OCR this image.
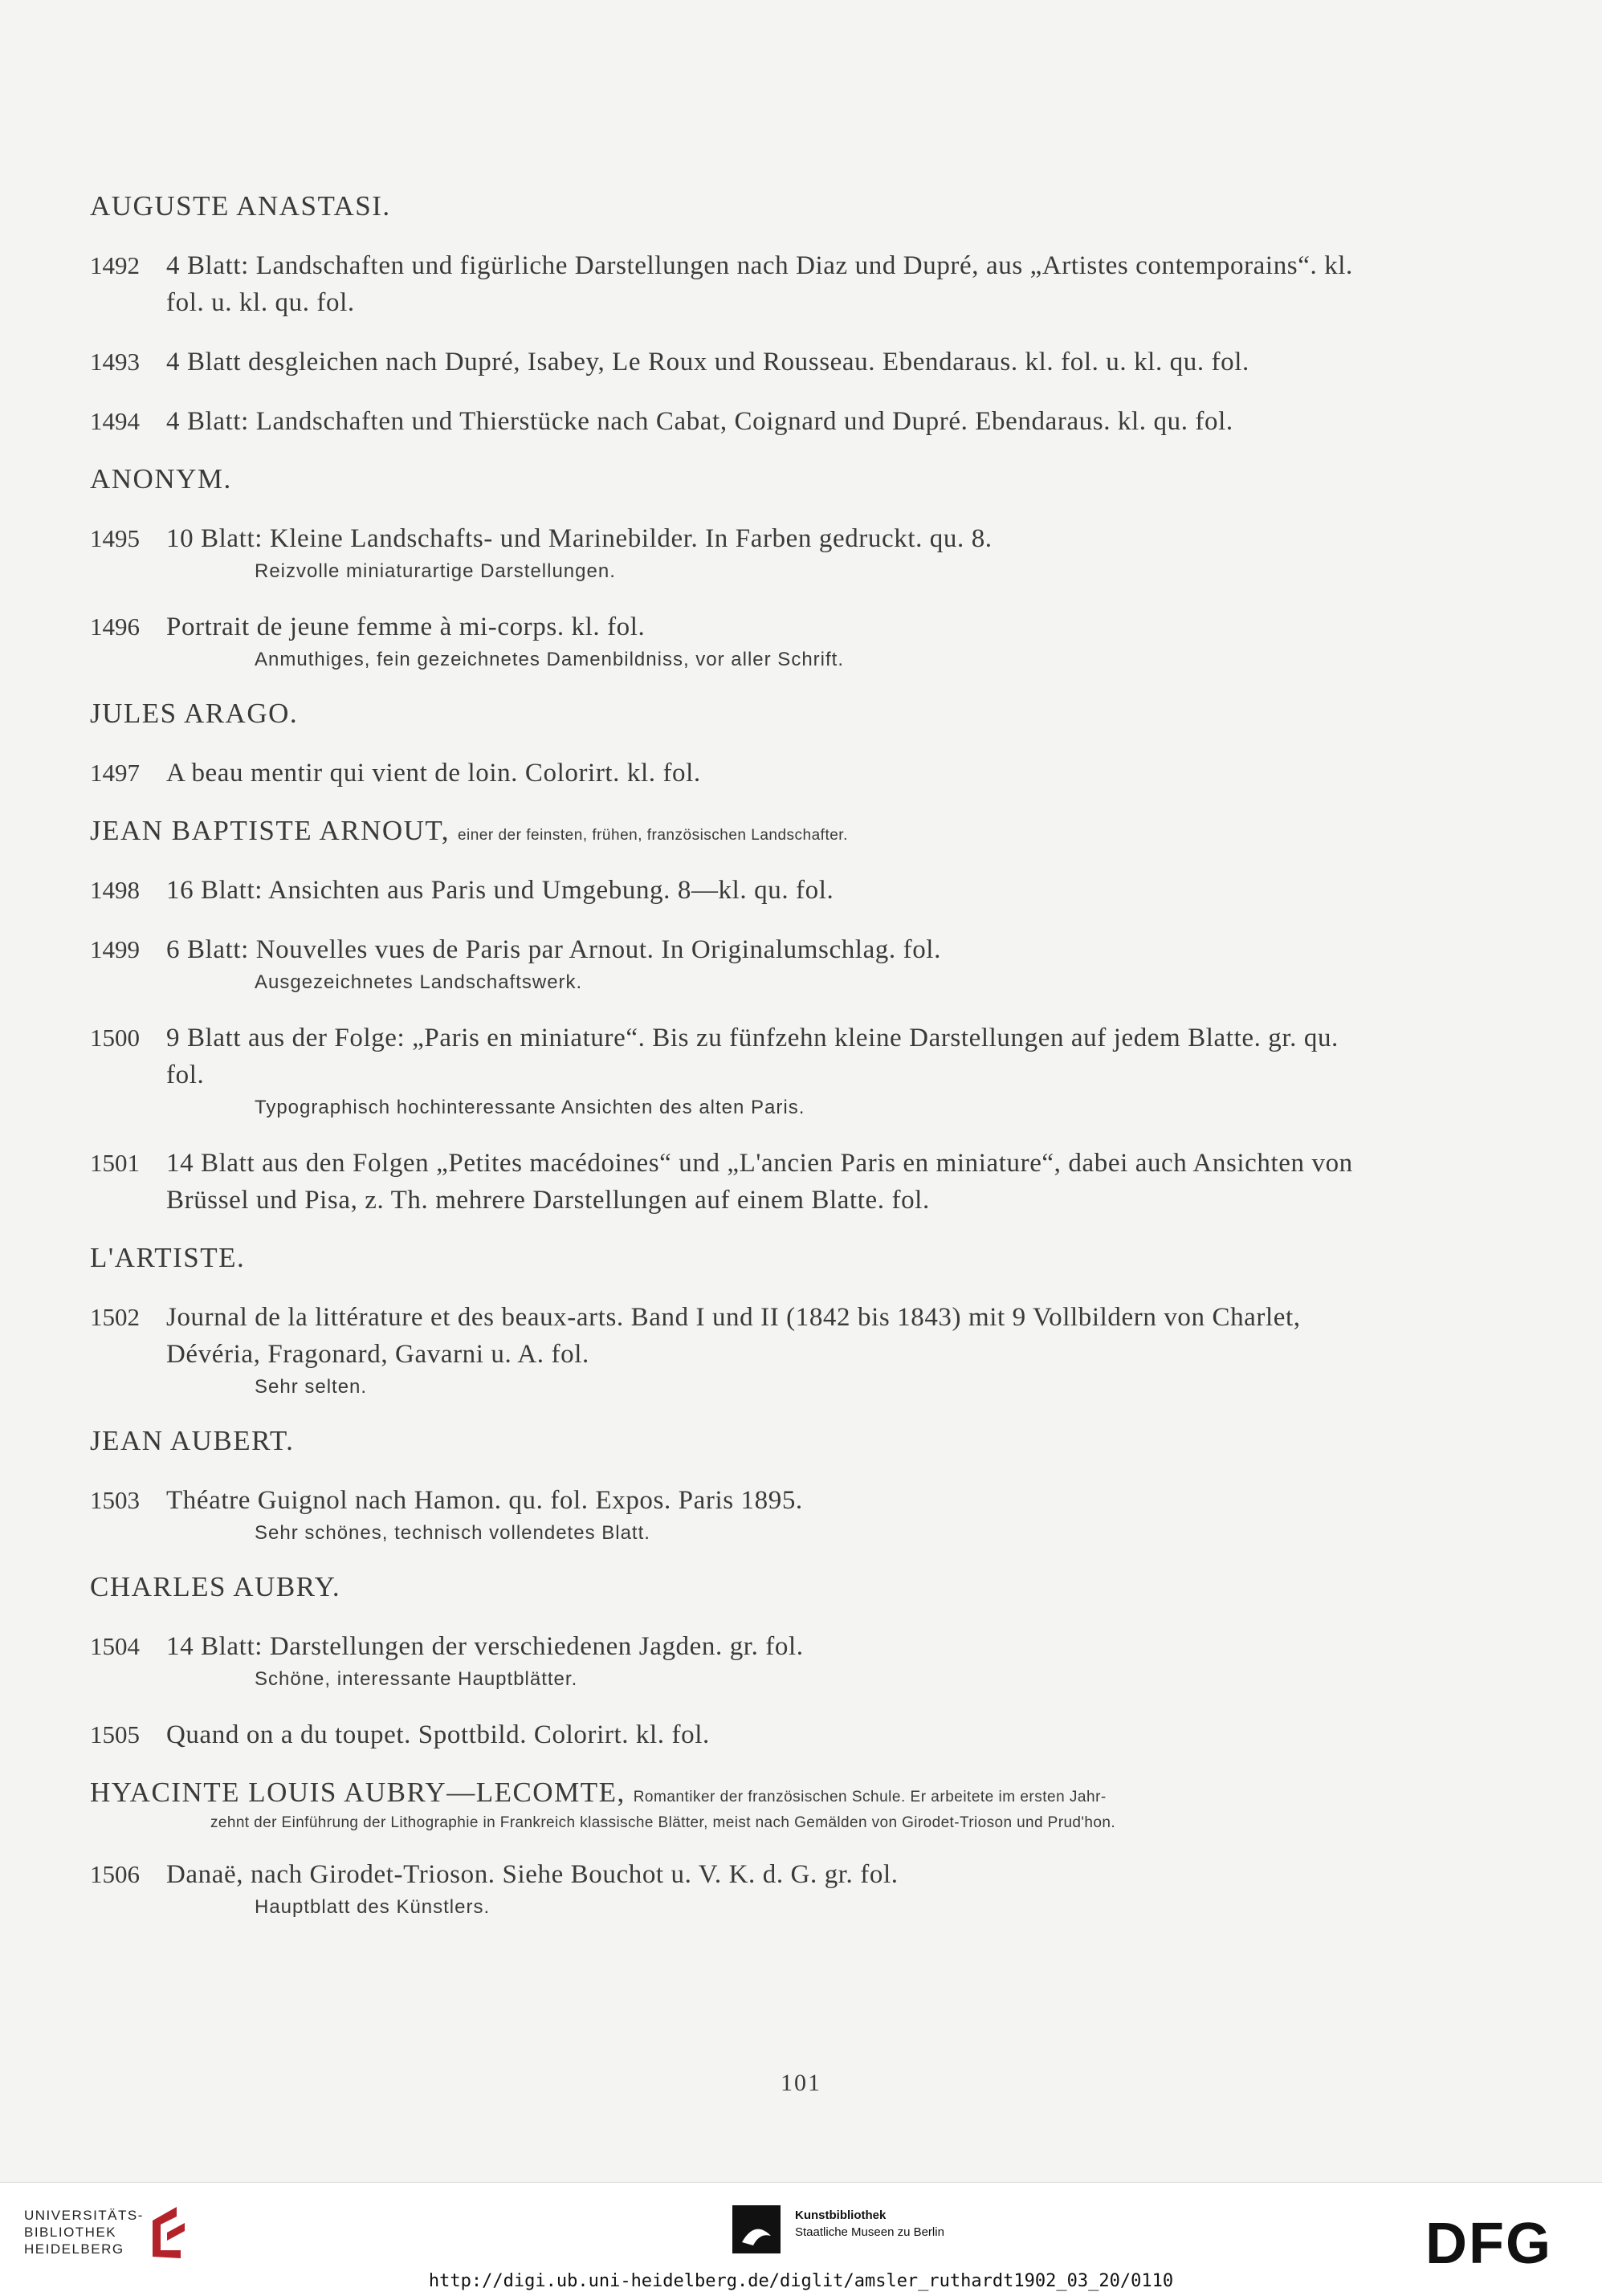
AUGUSTE ANASTASI.
1492	4 Blatt: Landschaften und figürliche Darstellungen nach Diaz und Dupré, aus „Artistes contemporains“. kl. fol. u. kl. qu. fol.
1493	4 Blatt desgleichen nach Dupré, Isabey, Le Roux und Rousseau. Ebendaraus. kl. fol. u. kl. qu. fol.
1494	4 Blatt: Landschaften und Thierstücke nach Cabat, Coignard und Dupré. Ebendaraus. kl. qu. fol.
ANONYM.
1495	10 Blatt: Kleine Landschafts- und Marinebilder. In Farben gedruckt. qu. 8.
Reizvolle miniaturartige Darstellungen.
1496	Portrait de jeune femme à mi-corps. kl. fol.
Anmuthiges, fein gezeichnetes Damenbildniss, vor aller Schrift.
JULES ARAGO.
1497	A beau mentir qui vient de loin. Colorirt. kl. fol.
JEAN BAPTISTE ARNOUT, einer der feinsten, frühen, französischen Landschafter.
1498	16 Blatt: Ansichten aus Paris und Umgebung. 8—kl. qu. fol.
1499	6 Blatt: Nouvelles vues de Paris par Arnout. In Originalumschlag. fol.
Ausgezeichnetes Landschaftswerk.
1500	9 Blatt aus der Folge: „Paris en miniature“. Bis zu fünfzehn kleine Darstellungen auf jedem Blatte. gr. qu. fol.
Typographisch hochinteressante Ansichten des alten Paris.
1501	14 Blatt aus den Folgen „Petites macédoines“ und „L'ancien Paris en miniature“, dabei auch Ansichten von Brüssel und Pisa, z. Th. mehrere Darstellungen auf einem Blatte. fol.
L'ARTISTE.
1502	Journal de la littérature et des beaux-arts. Band I und II (1842 bis 1843) mit 9 Vollbildern von Charlet, Dévéria, Fragonard, Gavarni u. A. fol.
Sehr selten.
JEAN AUBERT.
1503	Théatre Guignol nach Hamon. qu. fol. Expos. Paris 1895.
Sehr schönes, technisch vollendetes Blatt.
CHARLES AUBRY.
1504	14 Blatt: Darstellungen der verschiedenen Jagden. gr. fol.
Schöne, interessante Hauptblätter.
1505	Quand on a du toupet. Spottbild. Colorirt. kl. fol.
HYACINTE LOUIS AUBRY—LECOMTE, Romantiker der französischen Schule. Er arbeitete im ersten Jahr-
zehnt der Einführung der Lithographie in Frankreich klassische Blätter, meist nach Gemälden von Girodet-Trioson und Prud'hon.
1506	Danaë, nach Girodet-Trioson. Siehe Bouchot u. V. K. d. G. gr. fol.
Hauptblatt des Künstlers.
101
UNIVERSITÄTS-
BIBLIOTHEK
HEIDELBERG
Kunstbibliothek
Staatliche Museen zu Berlin	DFG
http://digi.ub.uni-heidelberg.de/diglit/amsler_ruthardt1902_03_20/0110
